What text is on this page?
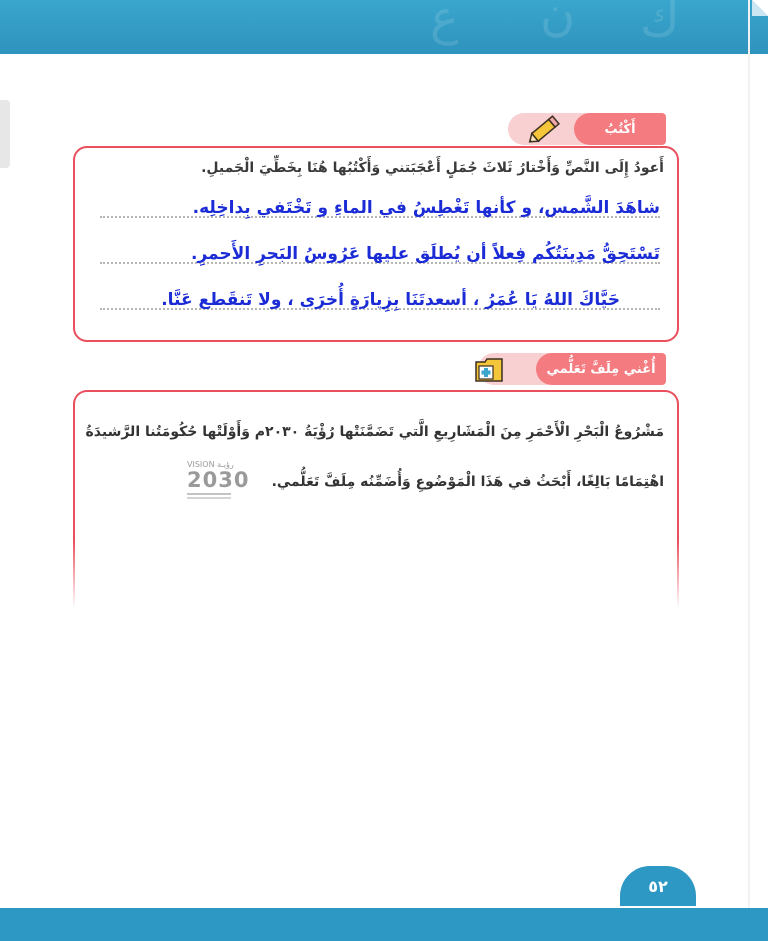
ع ن ك
أَكْتُبُ
أَعودُ إِلَى النَّصِّ وَأَخْتارُ ثَلاثَ جُمَلٍ أَعْجَبَتني وَأَكْتُبُها هُنَا بِخَطِّيَ الْجَميلِ.
شاهَدَ الشَّمس، و كأنها تَغْطِسُ في الماءِ و تَخْتَفي بِداخِلِه.
تَسْتَحِقُّ مَدِينَتُكُم فِعلاً أن يُطلَق عليها عَرُوسُ البَحرِ الأَحمرِ.
حَيَّاكَ اللهُ يَا عُمَرُ ، أسعدتَنَا بِزِيارَةٍ أُخرَى ، ولا تَنقَطع عَنَّا.
أُغْني مِلَفَّ تَعَلُّمي
مَشْرُوعُ الْبَحْرِ الْأَحْمَرِ مِنَ الْمَشَارِيعِ الَّتي تَضَمَّنَتْها رُؤْيَةُ ٢٠٣٠م وَأَوْلَتْها حُكُومَتُنا الرَّشيدَةُ
اهْتِمَامًا بَالِغًا، أَبْحَثُ في هَذَا الْمَوْضُوعِ وَأُضَمِّنُه مِلَفَّ تَعَلُّمي.
VISION رؤيـة
2030
٥٢
